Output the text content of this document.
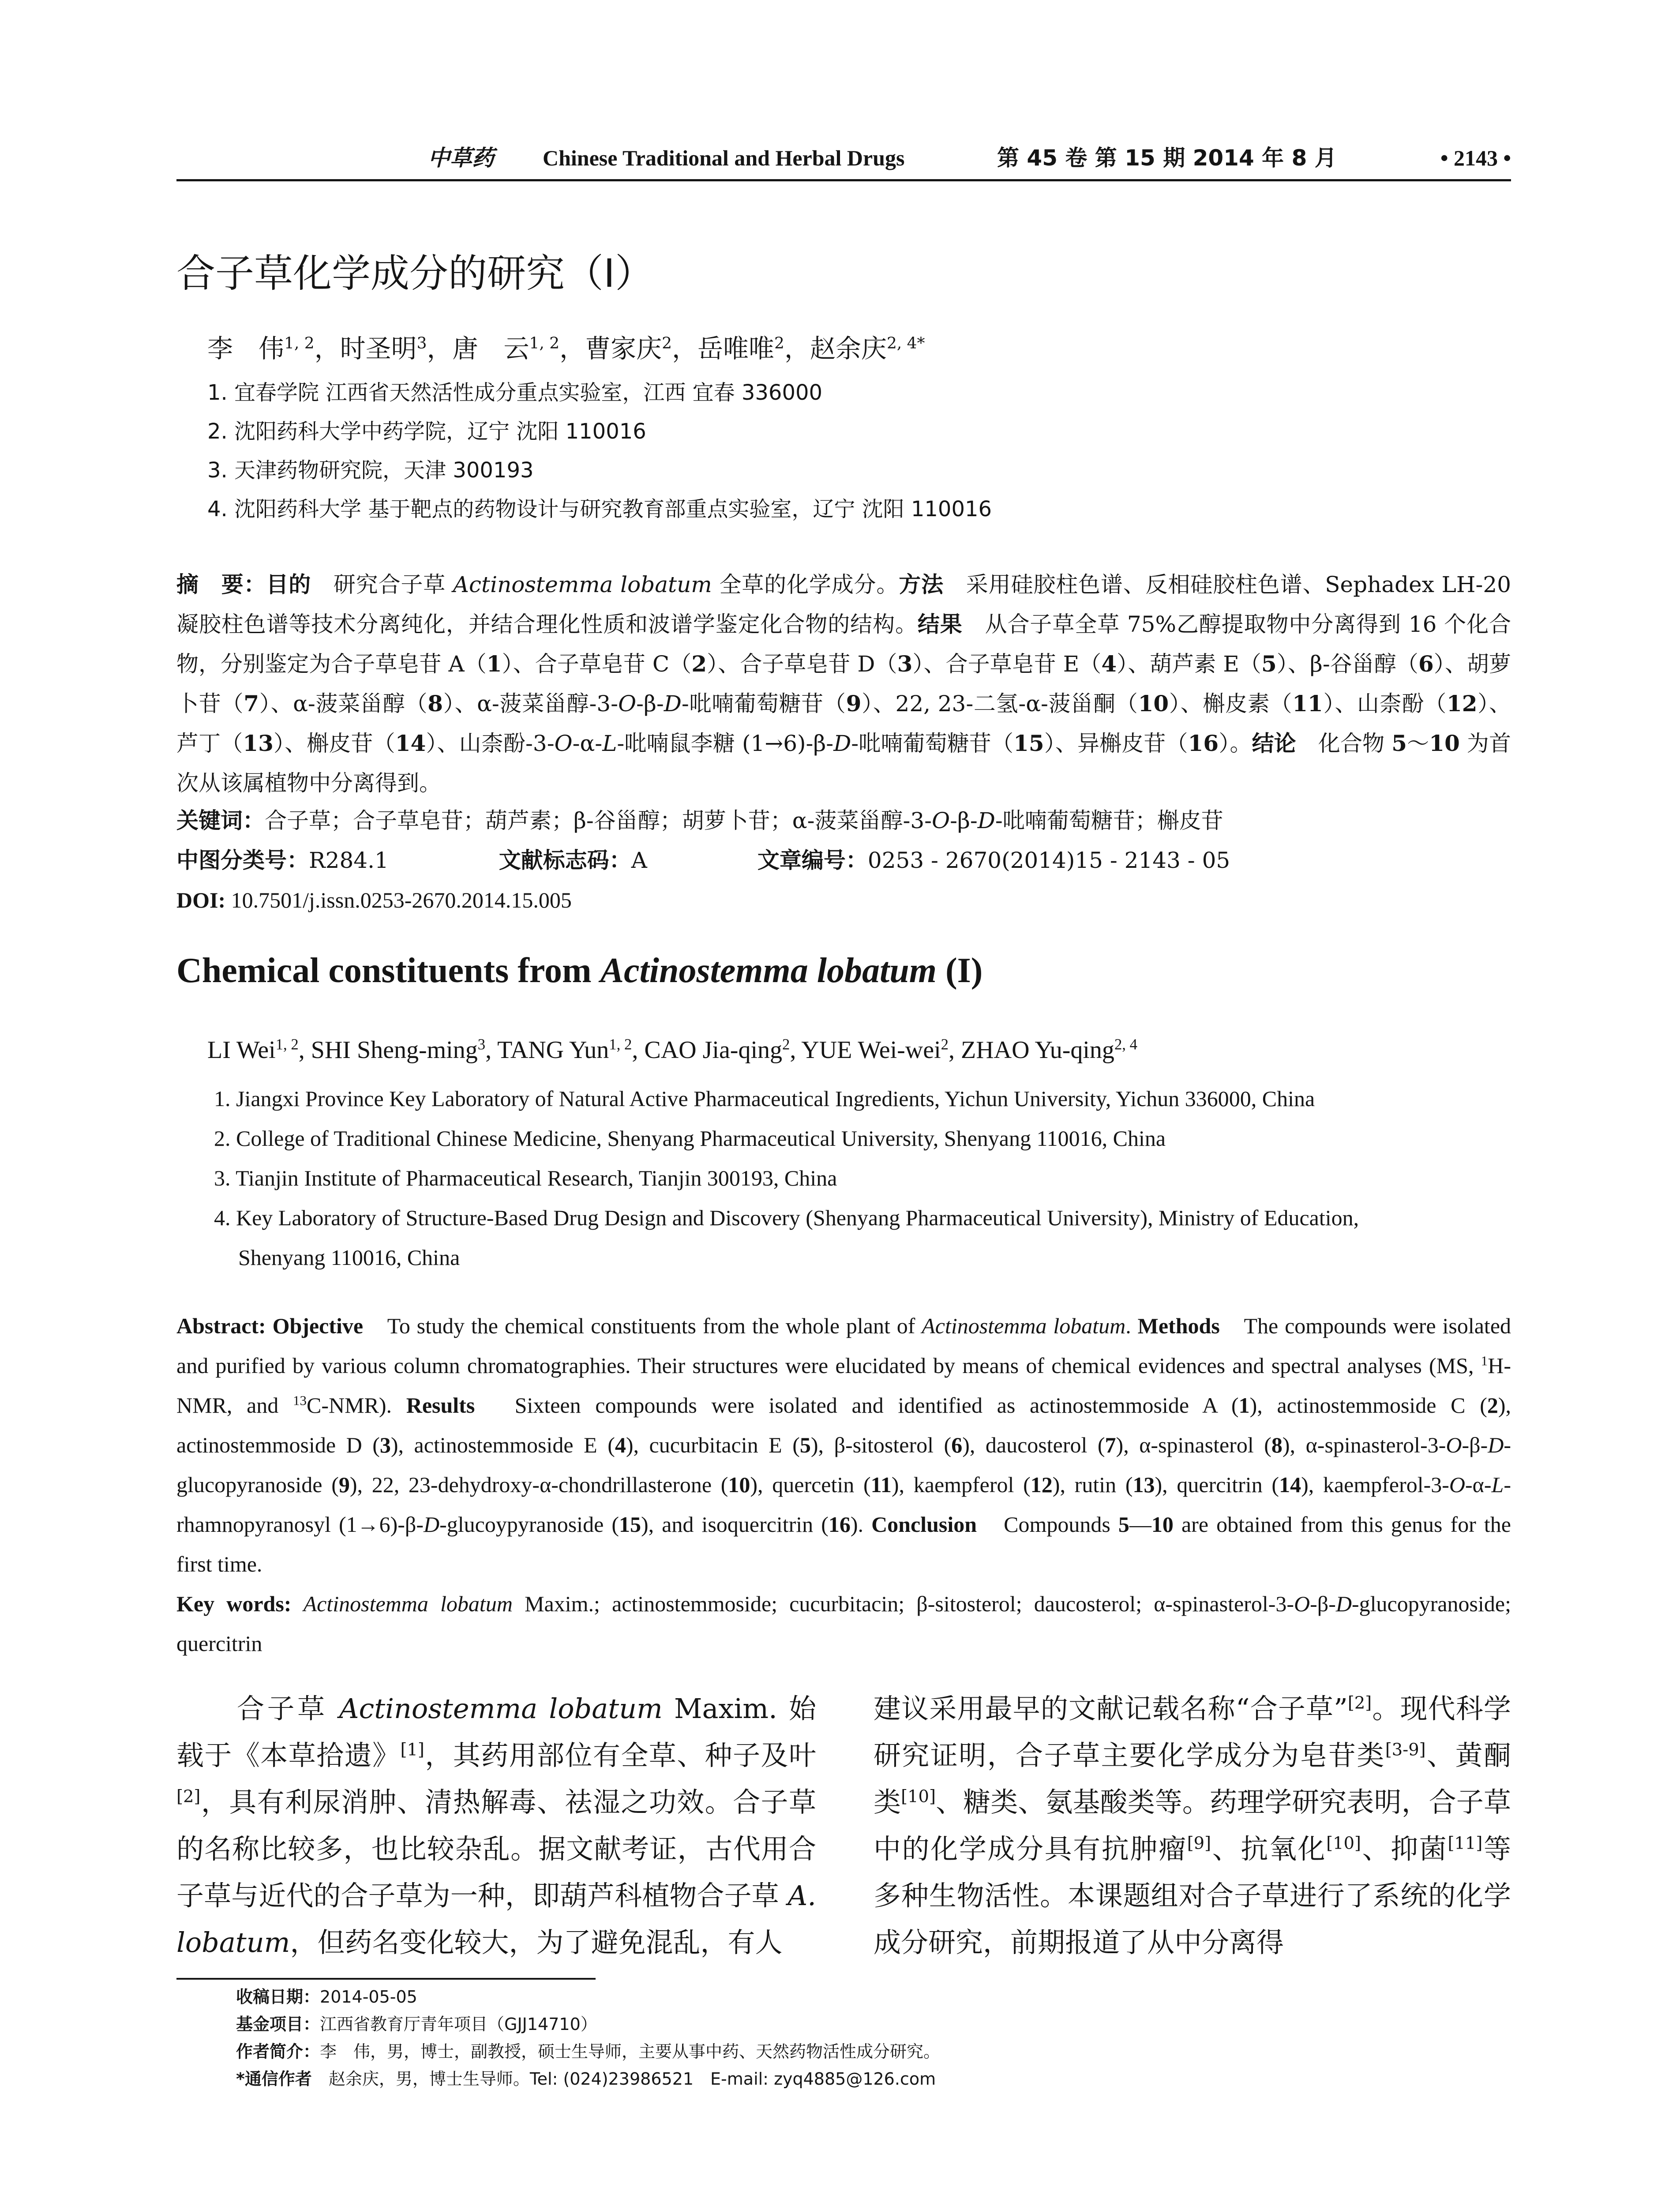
中草药 Chinese Traditional and Herbal Drugs	第 45 卷 第 15 期 2014 年 8 月	• 2143 •
合子草化学成分的研究（I）
李　伟$^{1, 2}$，时圣明$^3$，唐　云$^{1, 2}$，曹家庆$^2$，岳唯唯$^2$，赵余庆$^{2, 4*}$
1. 宜春学院 江西省天然活性成分重点实验室，江西 宜春 336000
2. 沈阳药科大学中药学院，辽宁 沈阳 110016
3. 天津药物研究院，天津 300193
4. 沈阳药科大学 基于靶点的药物设计与研究教育部重点实验室，辽宁 沈阳 110016
摘　要：目的　研究合子草 Actinostemma lobatum 全草的化学成分。方法　采用硅胶柱色谱、反相硅胶柱色谱、Sephadex LH-20 凝胶柱色谱等技术分离纯化，并结合理化性质和波谱学鉴定化合物的结构。结果　从合子草全草 75%乙醇提取物中分离得到 16 个化合物，分别鉴定为合子草皂苷 A（1）、合子草皂苷 C（2）、合子草皂苷 D（3）、合子草皂苷 E（4）、葫芦素 E（5）、β-谷甾醇（6）、胡萝卜苷（7）、α-菠菜甾醇（8）、α-菠菜甾醇-3-O-β-D-吡喃葡萄糖苷（9）、22, 23-二氢-α-菠甾酮（10）、槲皮素（11）、山柰酚（12）、芦丁（13）、槲皮苷（14）、山柰酚-3-O-α-L-吡喃鼠李糖 (1→6)-β-D-吡喃葡萄糖苷（15）、异槲皮苷（16）。结论　化合物 5～10 为首次从该属植物中分离得到。
关键词：合子草；合子草皂苷；葫芦素；β-谷甾醇；胡萝卜苷；α-菠菜甾醇-3-O-β-D-吡喃葡萄糖苷；槲皮苷
中图分类号：R284.1　　　　　文献标志码：A　　　　　文章编号：0253 - 2670(2014)15 - 2143 - 05
DOI: 10.7501/j.issn.0253-2670.2014.15.005
Chemical constituents from Actinostemma lobatum (I)
LI Wei$^{1, 2}$, SHI Sheng-ming$^3$, TANG Yun$^{1, 2}$, CAO Jia-qing$^2$, YUE Wei-wei$^2$, ZHAO Yu-qing$^{2, 4}$
1. Jiangxi Province Key Laboratory of Natural Active Pharmaceutical Ingredients, Yichun University, Yichun 336000, China
2. College of Traditional Chinese Medicine, Shenyang Pharmaceutical University, Shenyang 110016, China
3. Tianjin Institute of Pharmaceutical Research, Tianjin 300193, China
4. Key Laboratory of Structure-Based Drug Design and Discovery (Shenyang Pharmaceutical University), Ministry of Education,
Shenyang 110016, China
Abstract: Objective　To study the chemical constituents from the whole plant of Actinostemma lobatum. Methods　The compounds were isolated and purified by various column chromatographies. Their structures were elucidated by means of chemical evidences and spectral analyses (MS, $^1$H-NMR, and $^{13}$C-NMR). Results　Sixteen compounds were isolated and identified as actinostemmoside A (1), actinostemmoside C (2), actinostemmoside D (3), actinostemmoside E (4), cucurbitacin E (5), β-sitosterol (6), daucosterol (7), α-spinasterol (8), α-spinasterol-3-O-β-D-glucopyranoside (9), 22, 23-dehydroxy-α-chondrillasterone (10), quercetin (11), kaempferol (12), rutin (13), quercitrin (14), kaempferol-3-O-α-L-rhamnopyranosyl (1→6)-β-D-glucoypyranoside (15), and isoquercitrin (16). Conclusion　Compounds 5—10 are obtained from this genus for the first time.
Key words: Actinostemma lobatum Maxim.; actinostemmoside; cucurbitacin; β-sitosterol; daucosterol; α-spinasterol-3-O-β-D-glucopyranoside; quercitrin
　　合子草 Actinostemma lobatum Maxim. 始载于《本草拾遗》[1]，其药用部位有全草、种子及叶[2]，具有利尿消肿、清热解毒、祛湿之功效。合子草的名称比较多，也比较杂乱。据文献考证，古代用合子草与近代的合子草为一种，即葫芦科植物合子草 A. lobatum，但药名变化较大，为了避免混乱，有人
建议采用最早的文献记载名称“合子草”[2]。现代科学研究证明，合子草主要化学成分为皂苷类[3-9]、黄酮类[10]、糖类、氨基酸类等。药理学研究表明，合子草中的化学成分具有抗肿瘤[9]、抗氧化[10]、抑菌[11]等多种生物活性。本课题组对合子草进行了系统的化学成分研究，前期报道了从中分离得
收稿日期：2014-05-05
基金项目：江西省教育厅青年项目（GJJ14710）
作者简介：李　伟，男，博士，副教授，硕士生导师，主要从事中药、天然药物活性成分研究。
*通信作者　赵余庆，男，博士生导师。Tel: (024)23986521　E-mail: zyq4885@126.com
